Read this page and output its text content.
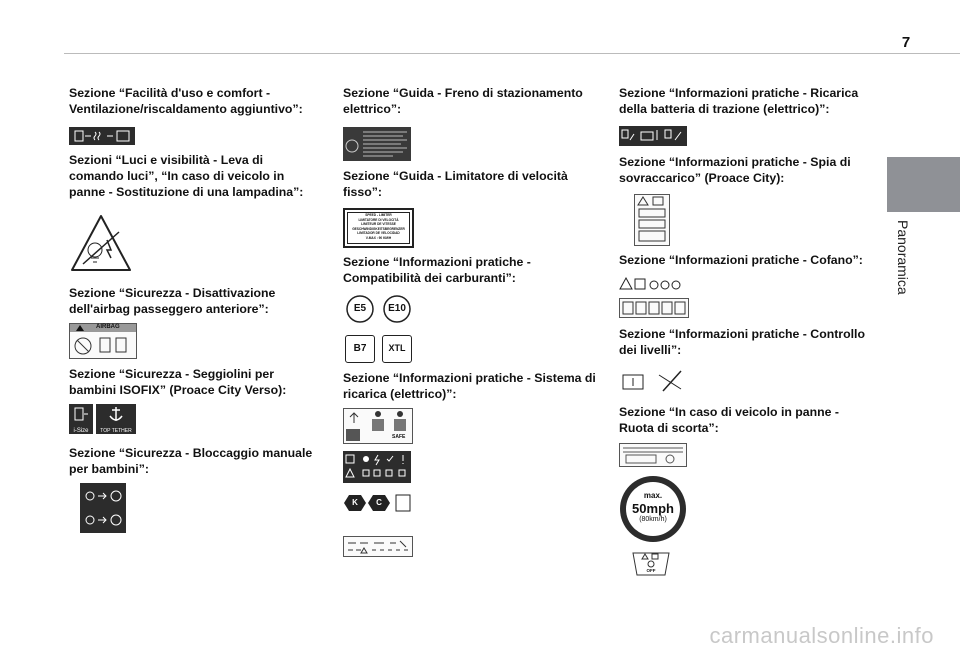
7
Panoramica

Sezione “Facilità d'uso e comfort - Ventilazione/riscaldamento aggiuntivo”:

Sezioni “Luci e visibilità - Leva di comando luci”, “In caso di veicolo in panne - Sostituzione di una lampadina”:

Sezione “Sicurezza - Disattivazione dell'airbag passeggero anteriore”:

AIRBAG

Sezione “Sicurezza - Seggiolini per bambini ISOFIX” (Proace City Verso):

i-Size	TOP TETHER

Sezione “Sicurezza - Bloccaggio manuale per bambini”:

Sezione “Guida - Freno di stazionamento elettrico”:

Sezione “Guida - Limitatore di velocità fisso”:

SPEED - LIMITER
LIMITATORE DI VELOCITÀ
LIMITEUR DE VITESSE
GESCHWINDIGKEITSBEGRENZER
LIMITADOR DE VELOCIDAD
V-MAX : 90 KM/H

Sezione “Informazioni pratiche - Compatibilità dei carburanti”:

E5	E10
B7	XTL

Sezione “Informazioni pratiche - Sistema di ricarica (elettrico)”:

SAFE
K	C

Sezione “Informazioni pratiche - Ricarica della batteria di trazione (elettrico)”:

Sezione “Informazioni pratiche - Spia di sovraccarico” (Proace City):

Sezione “Informazioni pratiche - Cofano”:

Sezione “Informazioni pratiche - Controllo dei livelli”:

Sezione “In caso di veicolo in panne - Ruota di scorta”:

max.
50mph
(80km/h)
OFF
carmanualsonline.info
